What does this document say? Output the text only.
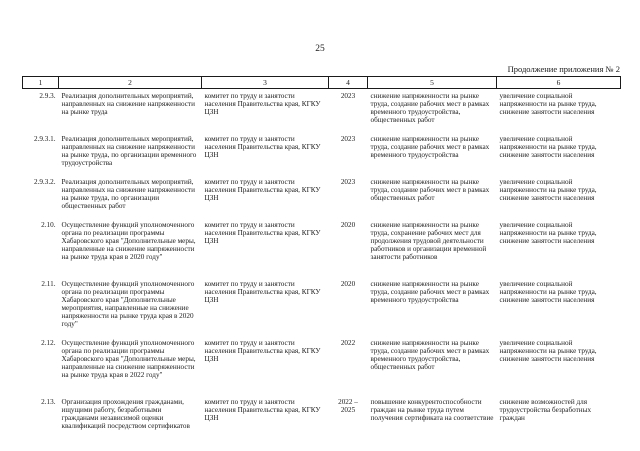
25
Продолжение приложения № 2
1	2	3	4	5	6
2.9.3.	Реализация дополнительных мероприятий, направленных на снижение напряженности на рынке труда	комитет по труду и занятости населения Правительства края, КГКУ ЦЗН	2023	снижение напряженности на рынке труда, создание рабочих мест в рамках временного трудоустройства, общественных работ	увеличение социальной напряженности на рынке труда, снижение занятости населения
2.9.3.1.	Реализация дополнительных мероприятий, направленных на снижение напряженности на рынке труда, по организации временного трудоустройства	комитет по труду и занятости населения Правительства края, КГКУ ЦЗН	2023	снижение напряженности на рынке труда, создание рабочих мест в рамках временного трудоустройства	увеличение социальной напряженности на рынке труда, снижение занятости населения
2.9.3.2.	Реализация дополнительных мероприятий, направленных на снижение напряженности на рынке труда, по организации общественных работ	комитет по труду и занятости населения Правительства края, КГКУ ЦЗН	2023	снижение напряженности на рынке труда, создание рабочих мест в рамках общественных работ	увеличение социальной напряженности на рынке труда, снижение занятости населения
2.10.	Осуществление функций уполномоченного органа по реализации программы Хабаровского края "Дополнительные меры, направленные на снижение напряженности на рынке труда края в 2020 году"	комитет по труду и занятости населения Правительства края, КГКУ ЦЗН	2020	снижение напряженности на рынке труда, сохранение рабочих мест для продолжения трудовой деятельности работников и организации временной занятости работников	увеличение социальной напряженности на рынке труда, снижение занятости населения
2.11.	Осуществление функций уполномоченного органа по реализации программы Хабаровского края "Дополнительные мероприятия, направленные на снижение напряженности на рынке труда края в 2020 году"	комитет по труду и занятости населения Правительства края, КГКУ ЦЗН	2020	снижение напряженности на рынке труда, создание рабочих мест в рамках временного трудоустройства	увеличение социальной напряженности на рынке труда, снижение занятости населения
2.12.	Осуществление функций уполномоченного органа по реализации программы Хабаровского края "Дополнительные меры, направленные на снижение напряженности на рынке труда края в 2022 году"	комитет по труду и занятости населения Правительства края, КГКУ ЦЗН	2022	снижение напряженности на рынке труда, создание рабочих мест в рамках временного трудоустройства, общественных работ	увеличение социальной напряженности на рынке труда, снижение занятости населения
2.13.	Организация прохождения гражданами, ищущими работу, безработными гражданами независимой оценки квалификаций посредством сертификатов	комитет по труду и занятости населения Правительства края, КГКУ ЦЗН	2022 – 2025	повышение конкурентоспособности граждан на рынке труда путем получения сертификата на соответствие	снижение возможностей для трудоустройства безработных граждан
